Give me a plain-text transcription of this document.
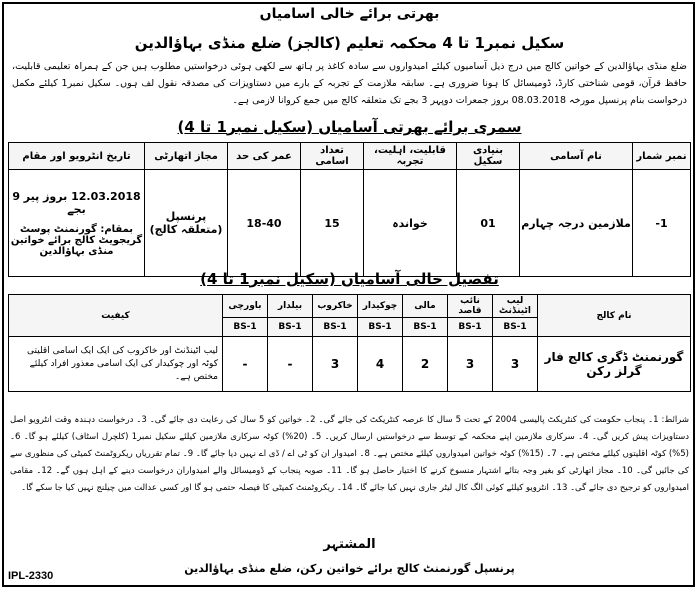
بھرتی برائے خالی اسامیاں
سکیل نمبر1 تا 4 محکمہ تعلیم (کالجز) ضلع منڈی بہاؤالدین
ضلع منڈی بہاؤالدین کے خواتین کالج میں درج ذیل آسامیوں کیلئے امیدواروں سے سادہ کاغذ پر ہاتھ سے لکھی ہوئی درخواستیں مطلوب ہیں جن کے ہمراہ تعلیمی قابلیت، حافظ قرآن، قومی شناختی کارڈ، ڈومیسائل کا ہونا ضروری ہے۔ سابقہ ملازمت کے تجربہ کے بارے میں دستاویزات کی مصدقہ نقول لف ہوں۔ سکیل نمبر1 کیلئے مکمل درخواست بنام پرنسپل مورخہ 08.03.2018 بروز جمعرات دوپہر 3 بجے تک متعلقہ کالج میں جمع کروانا لازمی ہے۔
سمری برائے بھرتی آسامیاں (سکیل نمبر1 تا 4)
نمبر شمار	نام آسامی	بنیادی سکیل	قابلیت، اہلیت، تجربہ	تعداد اسامی	عمر کی حد	مجاز اتھارٹی	تاریخ انٹرویو اور مقام
1-	ملازمین درجہ چہارم	01	خواندہ	15	18-40	پرنسپل (متعلقہ کالج)	12.03.2018 بروز پیر 9 بجے
بمقام: گورنمنٹ پوسٹ گریجویٹ کالج برائے خواتین منڈی بہاؤالدین
تفصیل خالی آسامیاں (سکیل نمبر1 تا 4)
نام کالج	لیب اٹینڈنٹ	نائب قاصد	مالی	چوکیدار	خاکروب	بیلدار	باورچی	کیفیت
	BS-1	BS-1	BS-1	BS-1	BS-1	BS-1	BS-1	
گورنمنٹ ڈگری کالج فار گرلز رکن	3	3	2	4	3	-	-	لیب اٹینڈنٹ اور خاکروب کی ایک ایک اسامی اقلیتی کوٹہ اور چوکیدار کی ایک اسامی معذور افراد کیلئے مختص ہے۔
شرائط: 1۔ پنجاب حکومت کی کنٹریکٹ پالیسی 2004 کے تحت 5 سال کا عرصہ کنٹریکٹ کی جائے گی۔ 2۔ خواتین کو 5 سال کی رعایت دی جائے گی۔ 3۔ درخواست دہندہ وقت انٹرویو اصل دستاویزات پیش کریں گی۔ 4۔ سرکاری ملازمین اپنے محکمہ کے توسط سے درخواستیں ارسال کریں۔ 5۔ (20%) کوٹہ سرکاری ملازمین کیلئے سکیل نمبر1 (کلچرل اسٹاف) کیلئے ہو گا۔ 6۔ (5%) کوٹہ اقلیتوں کیلئے مختص ہے۔ 7۔ (15%) کوٹہ خواتین امیدواروں کیلئے مختص ہے۔ 8۔ امیدوار ان کو ٹی اے / ڈی اے نہیں دیا جائے گا۔ 9۔ تمام تقرریاں ریکروٹمنٹ کمیٹی کی منظوری سے کی جائیں گی۔ 10۔ مجاز اتھارٹی کو بغیر وجہ بتائے اشتہار منسوخ کرنے کا اختیار حاصل ہو گا۔ 11۔ صوبہ پنجاب کے ڈومیسائل والے امیدواران درخواست دینے کے اہل ہوں گے۔ 12۔ مقامی امیدواروں کو ترجیح دی جائے گی۔ 13۔ انٹرویو کیلئے کوئی الگ کال لیٹر جاری نہیں کیا جائے گا۔ 14۔ ریکروٹمنٹ کمیٹی کا فیصلہ حتمی ہو گا اور کسی عدالت میں چیلنج نہیں کیا جا سکے گا۔
المشتہر
پرنسپل گورنمنٹ کالج برائے خواتین رکن، ضلع منڈی بہاؤالدین
IPL-2330
